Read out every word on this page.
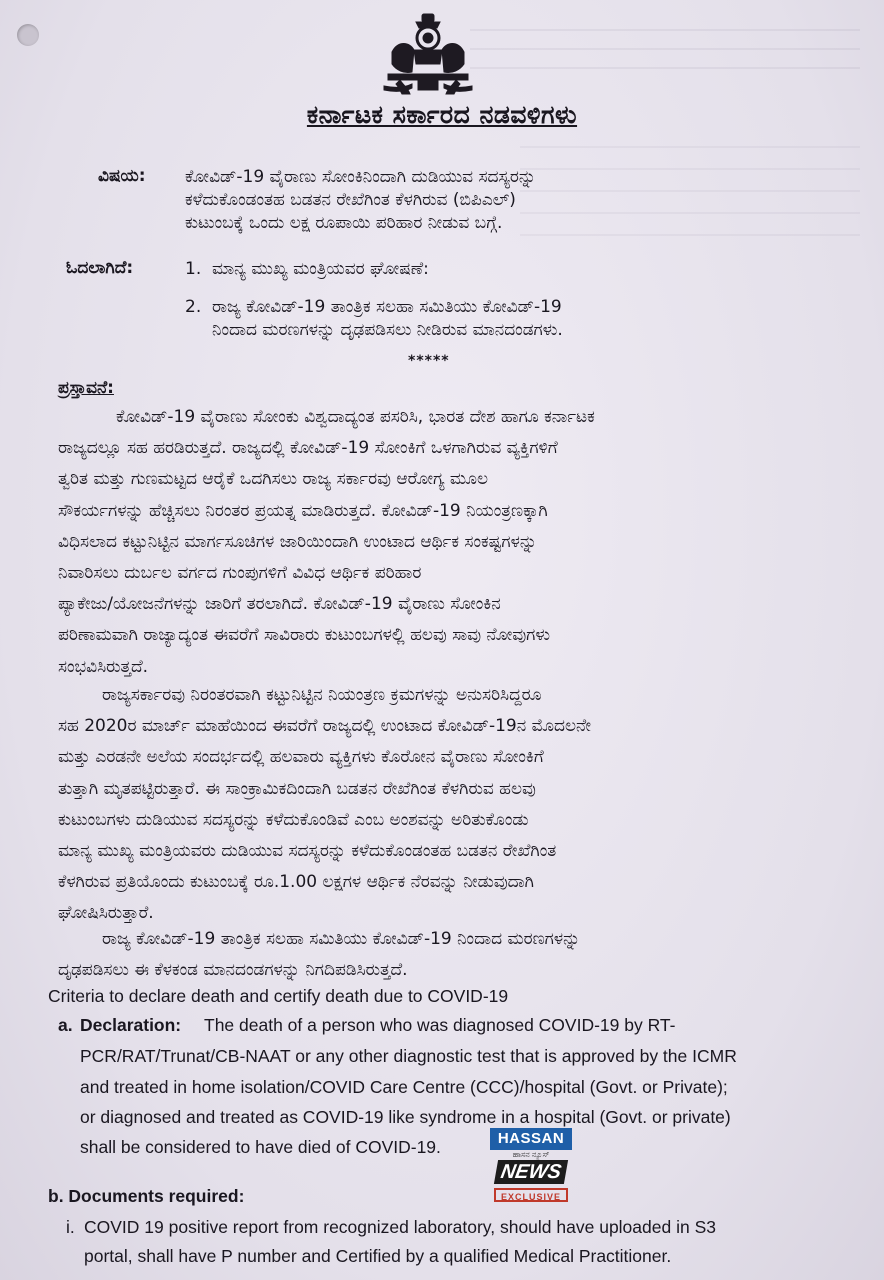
ಕರ್ನಾಟಕ ಸರ್ಕಾರದ ನಡವಳಿಗಳು
ವಿಷಯ: ಕೋವಿಡ್-19 ವೈರಾಣು ಸೋಂಕಿನಿಂದಾಗಿ ದುಡಿಯುವ ಸದಸ್ಯರನ್ನು
ಕಳೆದುಕೊಂಡಂತಹ ಬಡತನ ರೇಖೆಗಿಂತ ಕೆಳಗಿರುವ (ಬಿಪಿಎಲ್)
ಕುಟುಂಬಕ್ಕೆ ಒಂದು ಲಕ್ಷ ರೂಪಾಯಿ ಪರಿಹಾರ ನೀಡುವ ಬಗ್ಗೆ.
ಓದಲಾಗಿದೆ:	1. ಮಾನ್ಯ ಮುಖ್ಯ ಮಂತ್ರಿಯವರ ಘೋಷಣೆ:
2. ರಾಜ್ಯ ಕೋವಿಡ್-19 ತಾಂತ್ರಿಕ ಸಲಹಾ ಸಮಿತಿಯು ಕೋವಿಡ್-19
ನಿಂದಾದ ಮರಣಗಳನ್ನು ದೃಢಪಡಿಸಲು ನೀಡಿರುವ ಮಾನದಂಡಗಳು.
*****
ಪ್ರಸ್ತಾವನೆ:
ಕೋವಿಡ್-19 ವೈರಾಣು ಸೋಂಕು ವಿಶ್ವದಾದ್ಯಂತ ಪಸರಿಸಿ, ಭಾರತ ದೇಶ ಹಾಗೂ ಕರ್ನಾಟಕ
ರಾಜ್ಯದಲ್ಲೂ ಸಹ ಹರಡಿರುತ್ತದೆ. ರಾಜ್ಯದಲ್ಲಿ ಕೋವಿಡ್-19 ಸೋಂಕಿಗೆ ಒಳಗಾಗಿರುವ ವ್ಯಕ್ತಿಗಳಿಗೆ
ತ್ವರಿತ ಮತ್ತು ಗುಣಮಟ್ಟದ ಆರೈಕೆ ಒದಗಿಸಲು ರಾಜ್ಯ ಸರ್ಕಾರವು ಆರೋಗ್ಯ ಮೂಲ
ಸೌಕರ್ಯಗಳನ್ನು ಹೆಚ್ಚಿಸಲು ನಿರಂತರ ಪ್ರಯತ್ನ ಮಾಡಿರುತ್ತದೆ. ಕೋವಿಡ್-19 ನಿಯಂತ್ರಣಕ್ಕಾಗಿ
ವಿಧಿಸಲಾದ ಕಟ್ಟುನಿಟ್ಟಿನ ಮಾರ್ಗಸೂಚಿಗಳ ಜಾರಿಯಿಂದಾಗಿ ಉಂಟಾದ ಆರ್ಥಿಕ ಸಂಕಷ್ಟಗಳನ್ನು
ನಿವಾರಿಸಲು ದುರ್ಬಲ ವರ್ಗದ ಗುಂಪುಗಳಿಗೆ ವಿವಿಧ ಆರ್ಥಿಕ ಪರಿಹಾರ
ಪ್ಯಾಕೇಜು/ಯೋಜನೆಗಳನ್ನು ಜಾರಿಗೆ ತರಲಾಗಿದೆ. ಕೋವಿಡ್-19 ವೈರಾಣು ಸೋಂಕಿನ
ಪರಿಣಾಮವಾಗಿ ರಾಜ್ಯಾದ್ಯಂತ ಈವರೆಗೆ ಸಾವಿರಾರು ಕುಟುಂಬಗಳಲ್ಲಿ ಹಲವು ಸಾವು ನೋವುಗಳು
ಸಂಭವಿಸಿರುತ್ತದೆ.
ರಾಜ್ಯಸರ್ಕಾರವು ನಿರಂತರವಾಗಿ ಕಟ್ಟುನಿಟ್ಟಿನ ನಿಯಂತ್ರಣ ಕ್ರಮಗಳನ್ನು ಅನುಸರಿಸಿದ್ದರೂ
ಸಹ 2020ರ ಮಾರ್ಚ್ ಮಾಹೆಯಿಂದ ಈವರೆಗೆ ರಾಜ್ಯದಲ್ಲಿ ಉಂಟಾದ ಕೋವಿಡ್-19ನ ಮೊದಲನೇ
ಮತ್ತು ಎರಡನೇ ಅಲೆಯ ಸಂದರ್ಭದಲ್ಲಿ ಹಲವಾರು ವ್ಯಕ್ತಿಗಳು ಕೊರೋನ ವೈರಾಣು ಸೋಂಕಿಗೆ
ತುತ್ತಾಗಿ ಮೃತಪಟ್ಟಿರುತ್ತಾರೆ. ಈ ಸಾಂಕ್ರಾಮಿಕದಿಂದಾಗಿ ಬಡತನ ರೇಖೆಗಿಂತ ಕೆಳಗಿರುವ ಹಲವು
ಕುಟುಂಬಗಳು ದುಡಿಯುವ ಸದಸ್ಯರನ್ನು ಕಳೆದುಕೊಂಡಿವೆ ಎಂಬ ಅಂಶವನ್ನು ಅರಿತುಕೊಂಡು
ಮಾನ್ಯ ಮುಖ್ಯ ಮಂತ್ರಿಯವರು ದುಡಿಯುವ ಸದಸ್ಯರನ್ನು ಕಳೆದುಕೊಂಡಂತಹ ಬಡತನ ರೇಖೆಗಿಂತ
ಕೆಳಗಿರುವ ಪ್ರತಿಯೊಂದು ಕುಟುಂಬಕ್ಕೆ ರೂ.1.00 ಲಕ್ಷಗಳ ಆರ್ಥಿಕ ನೆರವನ್ನು ನೀಡುವುದಾಗಿ
ಘೋಷಿಸಿರುತ್ತಾರೆ.
ರಾಜ್ಯ ಕೋವಿಡ್-19 ತಾಂತ್ರಿಕ ಸಲಹಾ ಸಮಿತಿಯು ಕೋವಿಡ್-19 ನಿಂದಾದ ಮರಣಗಳನ್ನು
ದೃಢಪಡಿಸಲು ಈ ಕೆಳಕಂಡ ಮಾನದಂಡಗಳನ್ನು ನಿಗದಿಪಡಿಸಿರುತ್ತದೆ.
Criteria to declare death and certify death due to COVID-19
a. Declaration: The death of a person who was diagnosed COVID-19 by RT-
PCR/RAT/Trunat/CB-NAAT or any other diagnostic test that is approved by the ICMR
and treated in home isolation/COVID Care Centre (CCC)/hospital (Govt. or Private);
or diagnosed and treated as COVID-19 like syndrome in a hospital (Govt. or private)
shall be considered to have died of COVID-19.	HASSAN
ಹಾಸನ ನ್ಯೂಸ್
NEWS
EXCLUSIVE
b. Documents required:
i. COVID 19 positive report from recognized laboratory, should have uploaded in S3
portal, shall have P number and Certified by a qualified Medical Practitioner.
